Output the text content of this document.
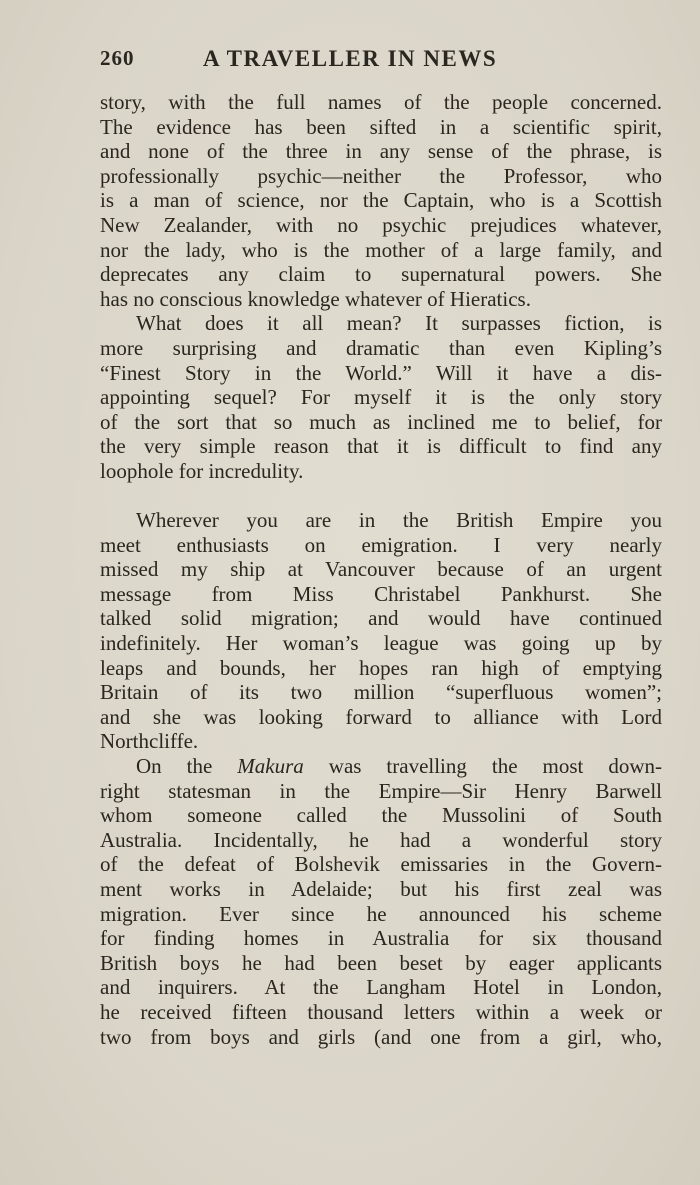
260	A TRAVELLER IN NEWS
story, with the full names of the people concerned.
The evidence has been sifted in a scientific spirit,
and none of the three in any sense of the phrase, is
professionally psychic—neither the Professor, who
is a man of science, nor the Captain, who is a Scottish
New Zealander, with no psychic prejudices whatever,
nor the lady, who is the mother of a large family, and
deprecates any claim to supernatural powers. She
has no conscious knowledge whatever of Hieratics.
What does it all mean? It surpasses fiction, is
more surprising and dramatic than even Kipling’s
“Finest Story in the World.” Will it have a dis-
appointing sequel? For myself it is the only story
of the sort that so much as inclined me to belief, for
the very simple reason that it is difficult to find any
loophole for incredulity.
Wherever you are in the British Empire you
meet enthusiasts on emigration. I very nearly
missed my ship at Vancouver because of an urgent
message from Miss Christabel Pankhurst. She
talked solid migration; and would have continued
indefinitely. Her woman’s league was going up by
leaps and bounds, her hopes ran high of emptying
Britain of its two million “superfluous women”;
and she was looking forward to alliance with Lord
Northcliffe.
On the Makura was travelling the most down-
right statesman in the Empire—Sir Henry Barwell
whom someone called the Mussolini of South
Australia. Incidentally, he had a wonderful story
of the defeat of Bolshevik emissaries in the Govern-
ment works in Adelaide; but his first zeal was
migration. Ever since he announced his scheme
for finding homes in Australia for six thousand
British boys he had been beset by eager applicants
and inquirers. At the Langham Hotel in London,
he received fifteen thousand letters within a week or
two from boys and girls (and one from a girl, who,
